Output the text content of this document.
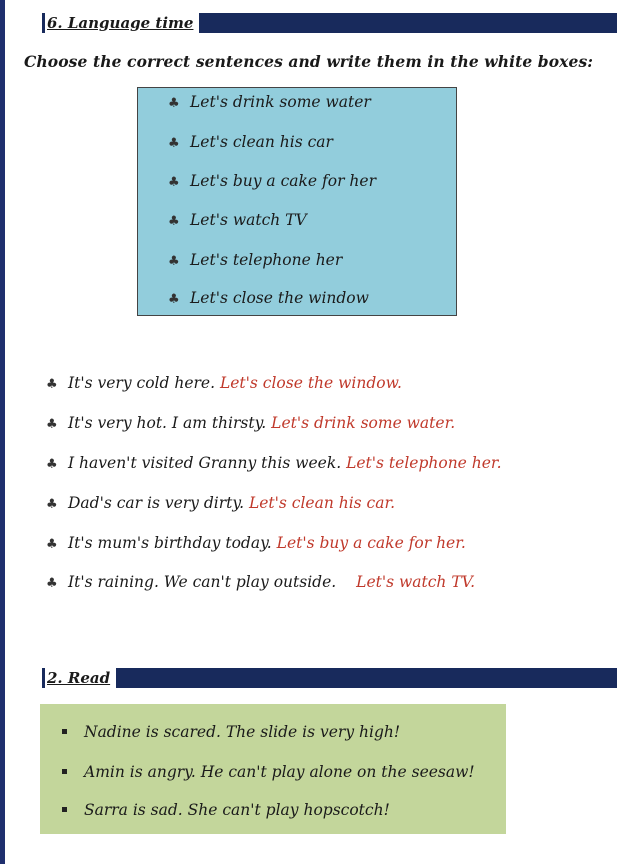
6. Language time
Choose the correct sentences and write them in the white boxes:
♣ Let's drink some water
♣ Let's clean his car
♣ Let's buy a cake for her
♣ Let's watch TV
♣ Let's telephone her
♣ Let's close the window
♣ It's very cold here. Let's close the window.
♣ It's very hot. I am thirsty. Let's drink some water.
♣ I haven't visited Granny this week. Let's telephone her.
♣ Dad's car is very dirty. Let's clean his car.
♣ It's mum's birthday today. Let's buy a cake for her.
♣ It's raining. We can't play outside. Let's watch TV.
2. Read
Nadine is scared. The slide is very high!
Amin is angry. He can't play alone on the seesaw!
Sarra is sad. She can't play hopscotch!
